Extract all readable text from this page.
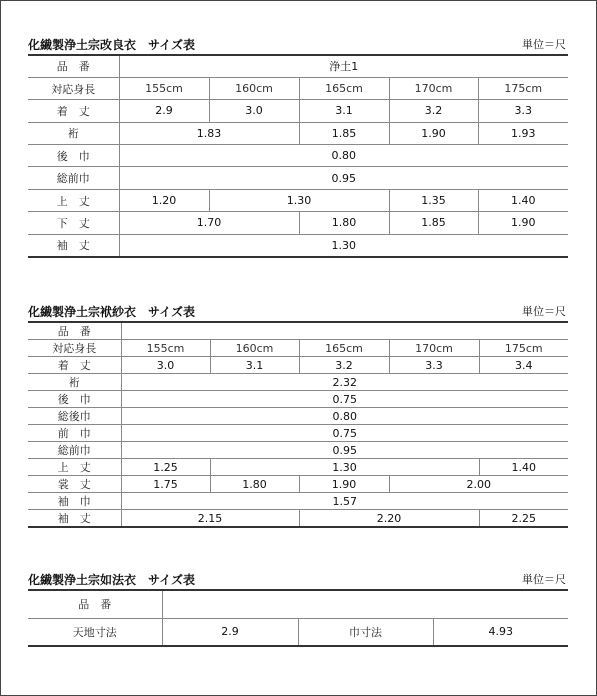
化繊製浄土宗改良衣　サイズ表	単位＝尺
品　番	浄土1				
対応身長	155cm	160cm	165cm	170cm	175cm
着　丈	2.9	3.0	3.1	3.2	3.3
裄	1.83		1.85	1.90	1.93
後　巾	0.80				
総前巾	0.95				
上　丈	1.20	1.30		1.35	1.40
下　丈	1.70		1.80	1.85	1.90
袖　丈	1.30				
化繊製浄土宗袱紗衣　サイズ表	単位＝尺
品　番					
対応身長	155cm	160cm	165cm	170cm	175cm
着　丈	3.0	3.1	3.2	3.3	3.4
裄	2.32				
後　巾	0.75				
総後巾	0.80				
前　巾	0.75				
総前巾	0.95				
上　丈	1.25	1.30			1.40
裳　丈	1.75	1.80	1.90	2.00	
袖　巾	1.57				
袖　丈	2.15		2.20		2.25
化繊製浄土宗如法衣　サイズ表	単位＝尺
品　番			
天地寸法	2.9	巾寸法	4.93
